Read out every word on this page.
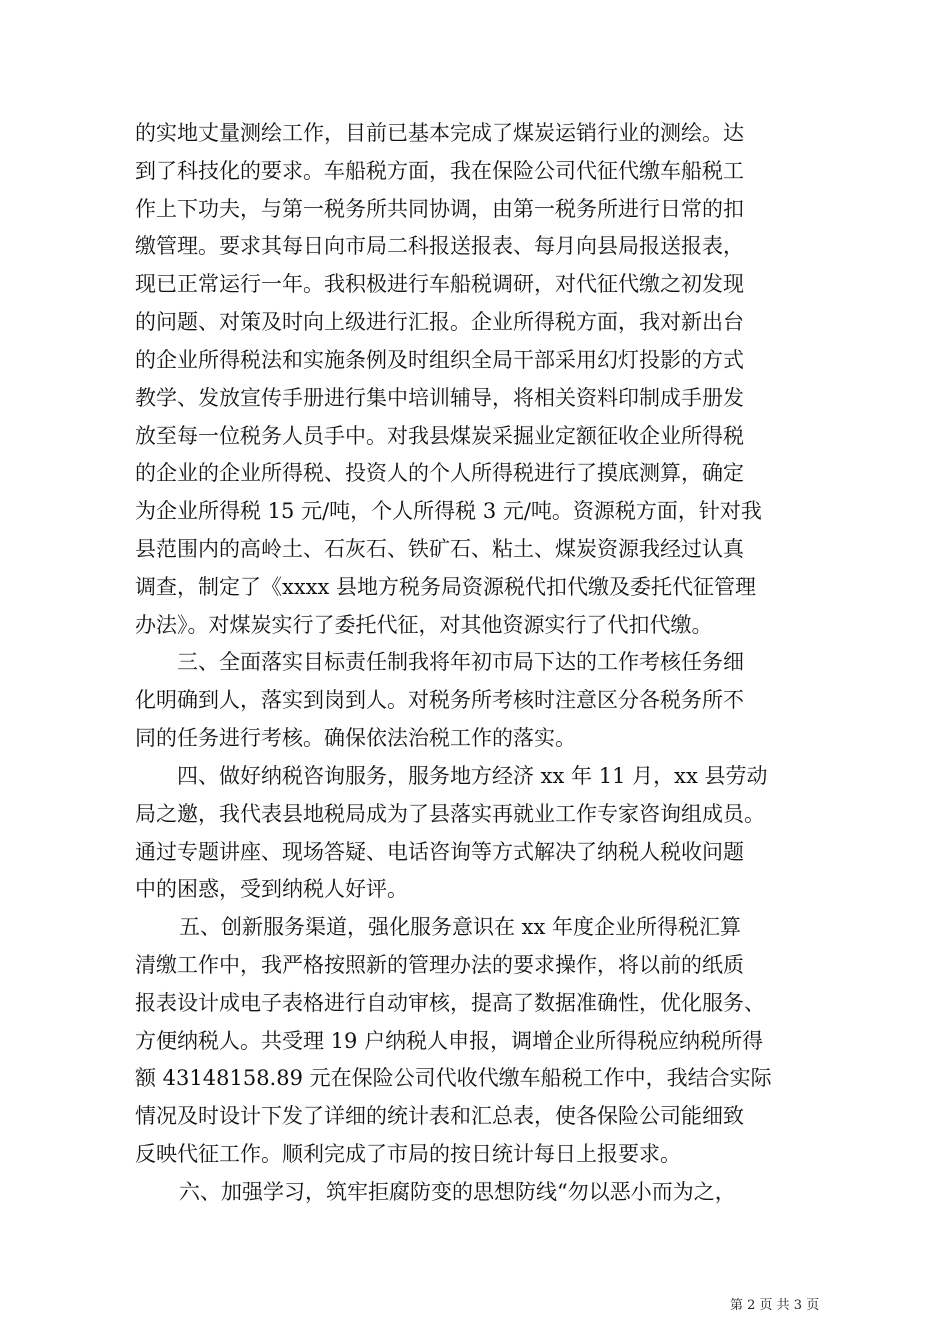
的实地丈量测绘工作，目前已基本完成了煤炭运销行业的测绘。达
到了科技化的要求。车船税方面，我在保险公司代征代缴车船税工
作上下功夫，与第一税务所共同协调，由第一税务所进行日常的扣
缴管理。要求其每日向市局二科报送报表、每月向县局报送报表，
现已正常运行一年。我积极进行车船税调研，对代征代缴之初发现
的问题、对策及时向上级进行汇报。企业所得税方面，我对新出台
的企业所得税法和实施条例及时组织全局干部采用幻灯投影的方式
教学、发放宣传手册进行集中培训辅导，将相关资料印制成手册发
放至每一位税务人员手中。对我县煤炭采掘业定额征收企业所得税
的企业的企业所得税、投资人的个人所得税进行了摸底测算，确定
为企业所得税 15 元/吨，个人所得税 3 元/吨。资源税方面，针对我
县范围内的高岭土、石灰石、铁矿石、粘土、煤炭资源我经过认真
调查，制定了《xxxx 县地方税务局资源税代扣代缴及委托代征管理
办法》。对煤炭实行了委托代征，对其他资源实行了代扣代缴。
三、全面落实目标责任制我将年初市局下达的工作考核任务细
化明确到人，落实到岗到人。对税务所考核时注意区分各税务所不
同的任务进行考核。确保依法治税工作的落实。
四、做好纳税咨询服务，服务地方经济 xx 年 11 月，xx 县劳动
局之邀，我代表县地税局成为了县落实再就业工作专家咨询组成员。
通过专题讲座、现场答疑、电话咨询等方式解决了纳税人税收问题
中的困惑，受到纳税人好评。
五、创新服务渠道，强化服务意识在 xx 年度企业所得税汇算
清缴工作中，我严格按照新的管理办法的要求操作，将以前的纸质
报表设计成电子表格进行自动审核，提高了数据准确性，优化服务、
方便纳税人。共受理 19 户纳税人申报，调增企业所得税应纳税所得
额 43148158.89 元在保险公司代收代缴车船税工作中，我结合实际
情况及时设计下发了详细的统计表和汇总表，使各保险公司能细致
反映代征工作。顺利完成了市局的按日统计每日上报要求。
六、加强学习，筑牢拒腐防变的思想防线“勿以恶小而为之，
第 2 页 共 3 页
